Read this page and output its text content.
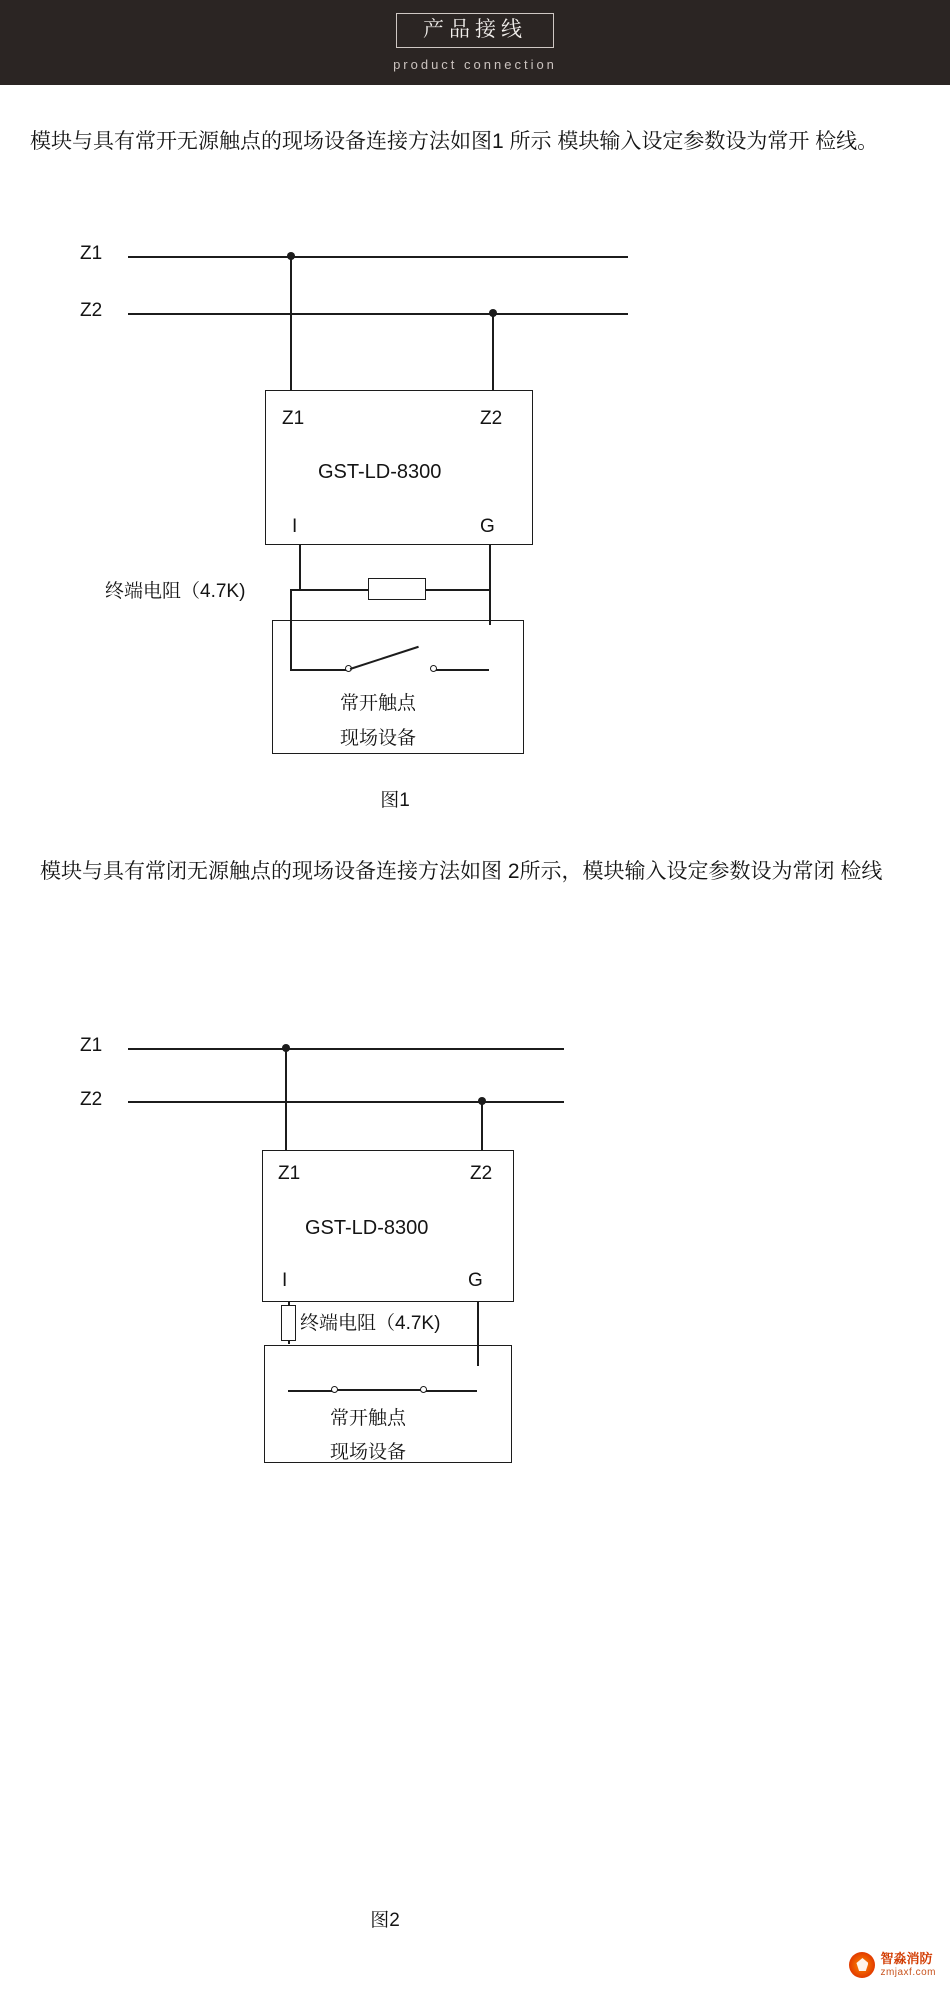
产品接线
product connection
模块与具有常开无源触点的现场设备连接方法如图1 所示 模块输入设定参数设为常开 检线。
Z1
Z2
Z1	Z2
GST-LD-8300
I	G
终端电阻（4.7K)
常开触点
现场设备
图1
模块与具有常闭无源触点的现场设备连接方法如图 2所示，模块输入设定参数设为常闭 检线
Z1
Z2
Z1	Z2
GST-LD-8300
I	G
终端电阻（4.7K)
常开触点
现场设备
图2
智淼消防
zmjaxf.com
